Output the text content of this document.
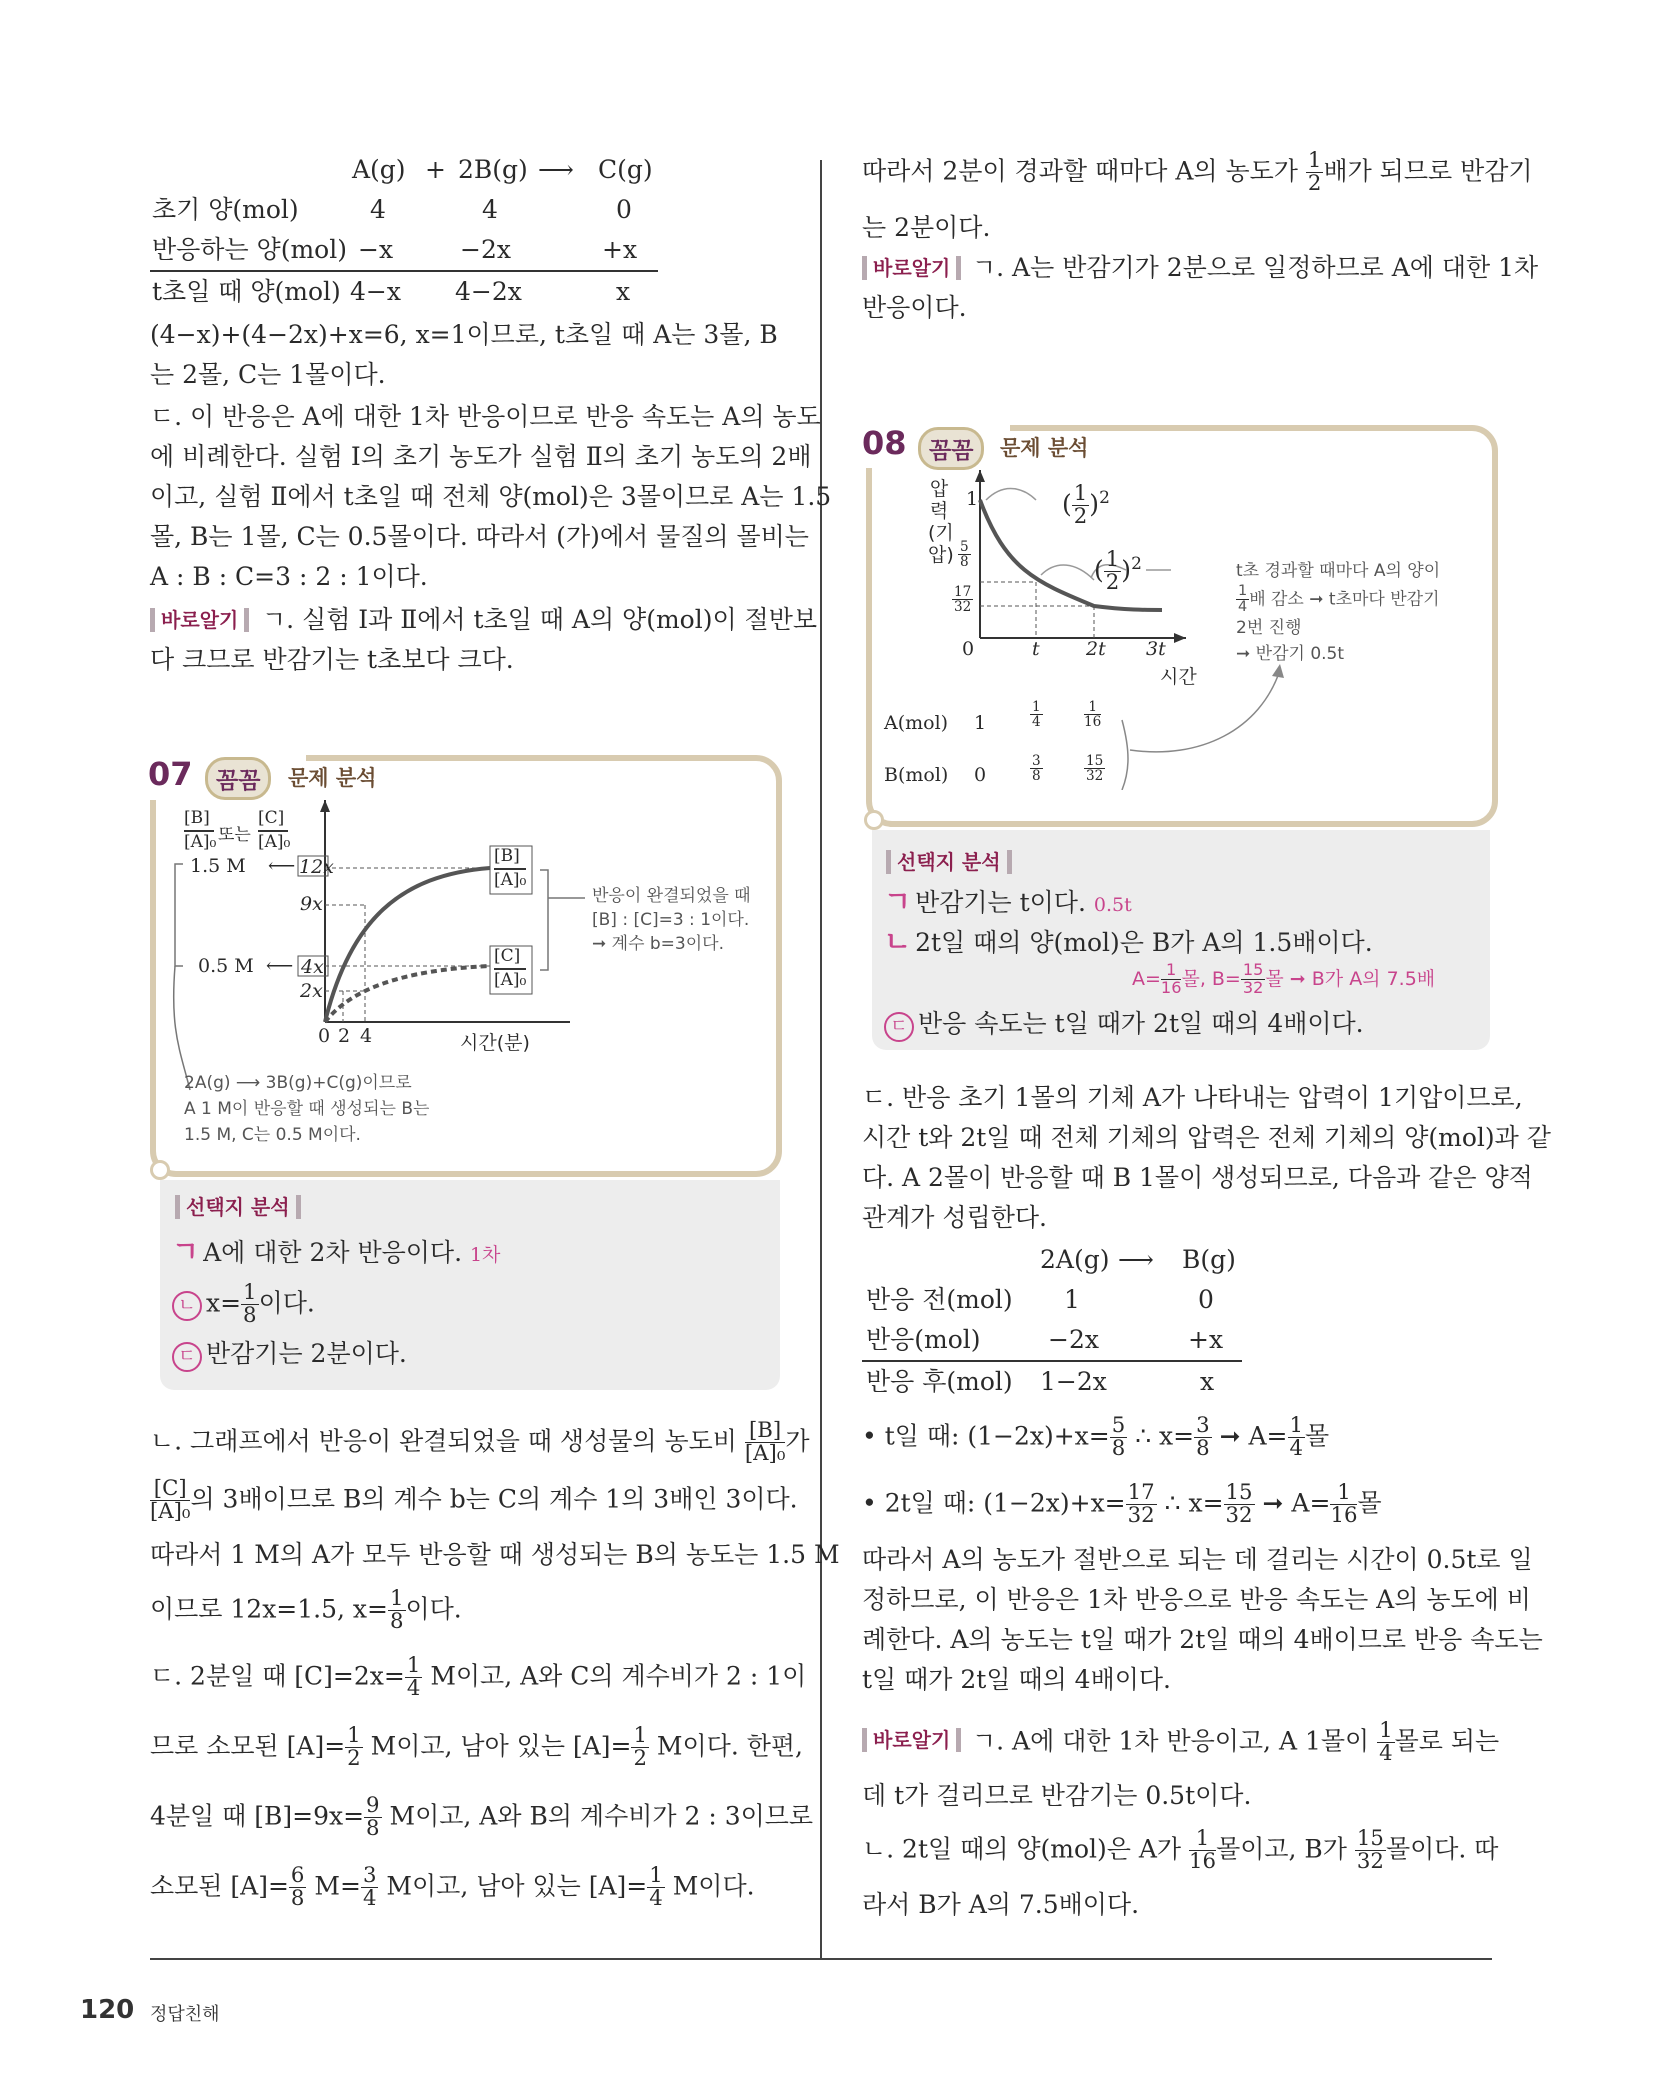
A(g) + 2B(g) ⟶ C(g)
초기 양(mol)	4	4	0
반응하는 양(mol) −x	−2x	+x
t초일 때 양(mol) 4−x 4−2x	x
(4−x)+(4−2x)+x=6, x=1이므로, t초일 때 A는 3몰, B
는 2몰, C는 1몰이다.
ㄷ. 이 반응은 A에 대한 1차 반응이므로 반응 속도는 A의 농도
에 비례한다. 실험 Ⅰ의 초기 농도가 실험 Ⅱ의 초기 농도의 2배
이고, 실험 Ⅱ에서 t초일 때 전체 양(mol)은 3몰이므로 A는 1.5
몰, B는 1몰, C는 0.5몰이다. 따라서 (가)에서 물질의 몰비는
A : B : C=3 : 2 : 1이다.
바로알기 ㄱ. 실험 Ⅰ과 Ⅱ에서 t초일 때 A의 양(mol)이 절반보
다 크므로 반감기는 t초보다 크다.
07	꼼꼼	문제 분석
[B]
[A]₀ 또는
[C]
[A]₀
1.5 M ⟵ 12x
9x
0.5 M ⟵ 4x
2x
0 2 4	시간(분)
[B]
[A]₀
[C]
[A]₀
반응이 완결되었을 때
[B] : [C]=3 : 1이다.
➞ 계수 b=3이다.
2A(g) ⟶ 3B(g)+C(g)이므로
A 1 M이 반응할 때 생성되는 B는
1.5 M, C는 0.5 M이다.
선택지 분석
ㄱ A에 대한 2차 반응이다. 1차
ㄴ $x= \frac{1}{8}$ 이다.
ㄷ 반감기는 2분이다.
ㄴ. 그래프에서 반응이 완결되었을 때 생성물의 농도비 $\frac{[B]}{\text{[A]₀}}$ 가
$\frac{[C]}{\text{[A]₀}}$ 의 3배이므로 B의 계수 b는 C의 계수 1의 3배인 3이다.
따라서 1 M의 A가 모두 반응할 때 생성되는 B의 농도는 1.5 M
이므로 12x=1.5, $x= \frac{1}{8}$ 이다.
ㄷ. 2분일 때 $[C]=2x= \frac{1}{4}$ M이고, A와 C의 계수비가 2 : 1이
므로 소모된 $[A]= \frac{1}{2}$ M이고, 남아 있는 $[A]= \frac{1}{2}$ M이다. 한편,
4분일 때 $[B]=9x= \frac{9}{8}$ M이고, A와 B의 계수비가 2 : 3이므로
소모된 $[A]= \frac{6}{8} M= \frac{3}{4}$ M이고, 남아 있는 $[A]= \frac{1}{4}$ M이다.
따라서 2분이 경과할 때마다 A의 농도가 $\frac{1}{2}$ 배가 되므로 반감기
는 2분이다.
바로알기 ㄱ. A는 반감기가 2분으로 일정하므로 A에 대한 1차
반응이다.
08 꼼꼼	문제 분석
압력(기압)
1
$\frac{5}{8}$
$\frac{17}{32}$
0	t 2t 3t
시간
( $\frac{1}{2} )^2$
( $\frac{1}{2} )^2$	t초 경과할 때마다 A의 양이
$\frac{1}{4}$ 배 감소 ➞ t초마다 반감기
2번 진행
➞ 반감기 0.5t
A(mol) 1	$\frac{1}{4}$	$\frac{1}{16}$
B(mol) 0	$\frac{3}{8}$	$\frac{15}{32}$
선택지 분석
ㄱ 반감기는 t이다. 0.5t
ㄴ 2t일 때의 양(mol)은 B가 A의 1.5배이다.
$A= \frac{1}{16}$ 몰, $B= \frac{15}{32}$ 몰 ➞ B가 A의 7.5배
ㄷ 반응 속도는 t일 때가 2t일 때의 4배이다.
ㄷ. 반응 초기 1몰의 기체 A가 나타내는 압력이 1기압이므로,
시간 t와 2t일 때 전체 기체의 압력은 전체 기체의 양(mol)과 같
다. A 2몰이 반응할 때 B 1몰이 생성되므로, 다음과 같은 양적
관계가 성립한다.
2A(g) ⟶ B(g)
반응 전(mol) 1	0
반응(mol)	−2x	+x
반응 후(mol) 1−2x	x
• t일 때: $(1-2x)+x= \frac{5}{8}$ ∴ $x= \frac{3}{8}$ ➞ $A= \frac{1}{4}$ 몰
• 2t일 때: $(1-2x)+x= \frac{17}{32}$ ∴ $x= \frac{15}{32}$ ➞ $A= \frac{1}{16}$ 몰
따라서 A의 농도가 절반으로 되는 데 걸리는 시간이 0.5t로 일
정하므로, 이 반응은 1차 반응으로 반응 속도는 A의 농도에 비
례한다. A의 농도는 t일 때가 2t일 때의 4배이므로 반응 속도는
t일 때가 2t일 때의 4배이다.
바로알기 ㄱ. A에 대한 1차 반응이고, A 1몰이 $\frac{1}{4}$ 몰로 되는
데 t가 걸리므로 반감기는 0.5t이다.
ㄴ. 2t일 때의 양(mol)은 A가 $\frac{1}{16}$ 몰이고, B가 $\frac{15}{32}$ 몰이다. 따
라서 B가 A의 7.5배이다.
120 정답친해
